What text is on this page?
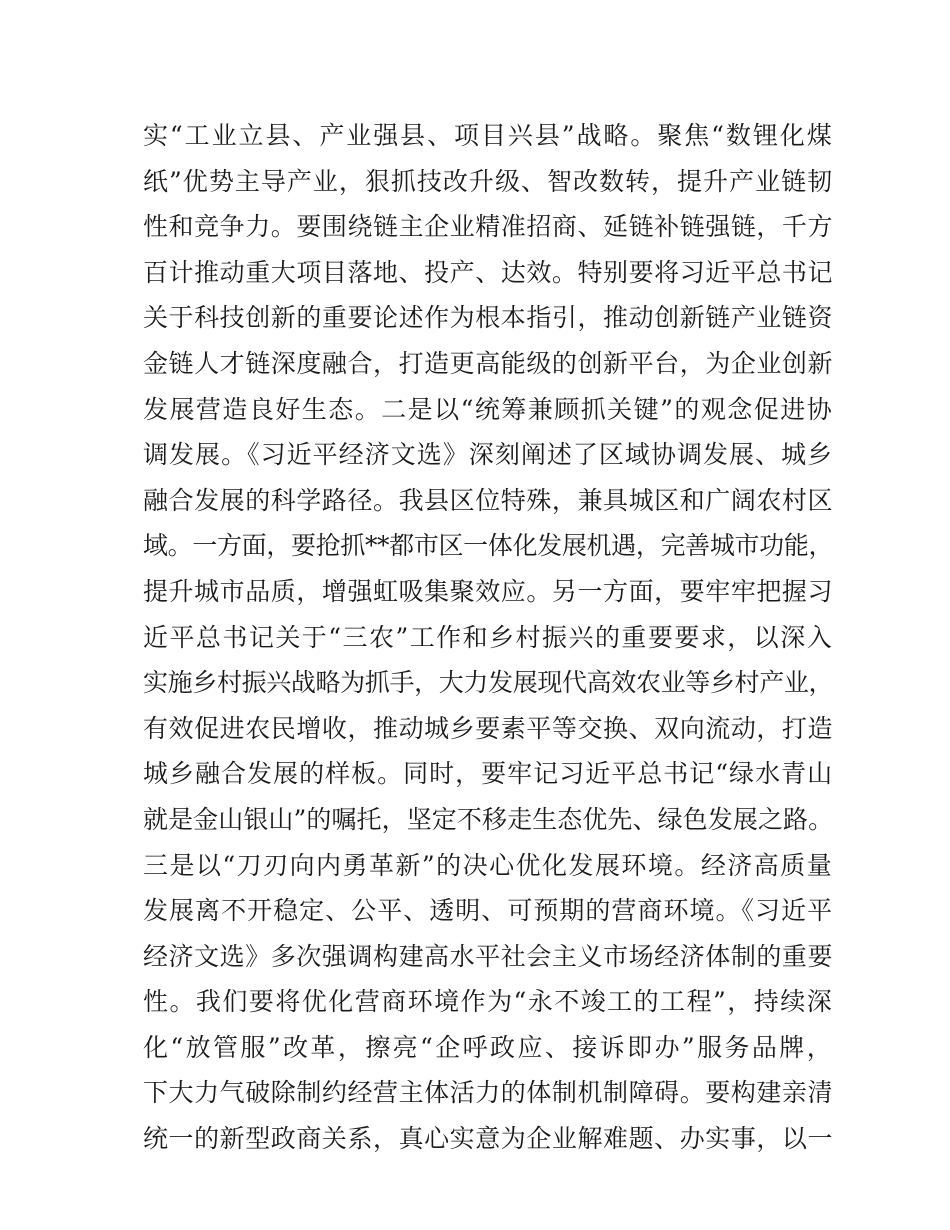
实“工业立县、产业强县、项目兴县”战略。聚焦“数锂化煤
纸”优势主导产业，狠抓技改升级、智改数转，提升产业链韧
性和竞争力。要围绕链主企业精准招商、延链补链强链，千方
百计推动重大项目落地、投产、达效。特别要将习近平总书记
关于科技创新的重要论述作为根本指引，推动创新链产业链资
金链人才链深度融合，打造更高能级的创新平台，为企业创新
发展营造良好生态。二是以“统筹兼顾抓关键”的观念促进协
调发展。《习近平经济文选》深刻阐述了区域协调发展、城乡
融合发展的科学路径。我县区位特殊，兼具城区和广阔农村区
域。一方面，要抢抓**都市区一体化发展机遇，完善城市功能，
提升城市品质，增强虹吸集聚效应。另一方面，要牢牢把握习
近平总书记关于“三农”工作和乡村振兴的重要要求，以深入
实施乡村振兴战略为抓手，大力发展现代高效农业等乡村产业，
有效促进农民增收，推动城乡要素平等交换、双向流动，打造
城乡融合发展的样板。同时，要牢记习近平总书记“绿水青山
就是金山银山”的嘱托，坚定不移走生态优先、绿色发展之路。
三是以“刀刃向内勇革新”的决心优化发展环境。经济高质量
发展离不开稳定、公平、透明、可预期的营商环境。《习近平
经济文选》多次强调构建高水平社会主义市场经济体制的重要
性。我们要将优化营商环境作为“永不竣工的工程”，持续深
化“放管服”改革，擦亮“企呼政应、接诉即办”服务品牌，
下大力气破除制约经营主体活力的体制机制障碍。要构建亲清
统一的新型政商关系，真心实意为企业解难题、办实事，以一
